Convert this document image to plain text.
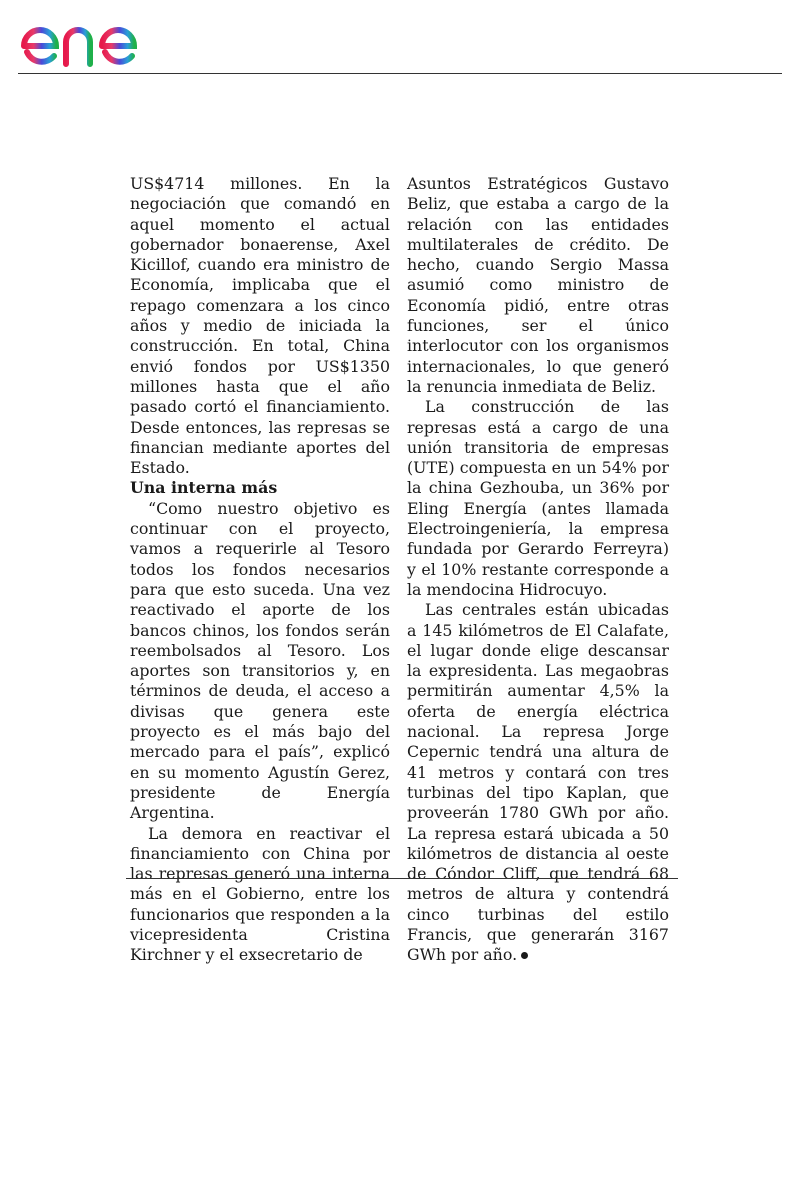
US$4714 millones. En la negociación que comandó en aquel momento el actual gobernador bonaerense, Axel Kicillof, cuando era ministro de Economía, implicaba que el repago comenzara a los cinco años y medio de iniciada la construcción. En total, China envió fondos por US$1350 millones hasta que el año pasado cortó el financiamiento. Desde entonces, las represas se financian mediante aportes del Estado.

Una interna más

“Como nuestro objetivo es continuar con el proyecto, vamos a requerirle al Tesoro todos los fondos necesarios para que esto suceda. Una vez reactivado el aporte de los bancos chinos, los fondos serán reembolsados al Tesoro. Los aportes son transitorios y, en términos de deuda, el acceso a divisas que genera este proyecto es el más bajo del mercado para el país”, explicó en su momento Agustín Gerez, presidente de Energía Argentina.

La demora en reactivar el financiamiento con China por las represas generó una interna más en el Gobierno, entre los funcionarios que responden a la vicepresidenta Cristina Kirchner y el exsecretario de

Asuntos Estratégicos Gustavo Beliz, que estaba a cargo de la relación con las entidades multilaterales de crédito. De hecho, cuando Sergio Massa asumió como ministro de Economía pidió, entre otras funciones, ser el único interlocutor con los organismos internacionales, lo que generó la renuncia inmediata de Beliz.

La construcción de las represas está a cargo de una unión transitoria de empresas (UTE) compuesta en un 54% por la china Gezhouba, un 36% por Eling Energía (antes llamada Electroingeniería, la empresa fundada por Gerardo Ferreyra) y el 10% restante corresponde a la mendocina Hidrocuyo.

Las centrales están ubicadas a 145 kilómetros de El Calafate, el lugar donde elige descansar la expresidenta. Las megaobras permitirán aumentar 4,5% la oferta de energía eléctrica nacional. La represa Jorge Cepernic tendrá una altura de 41 metros y contará con tres turbinas del tipo Kaplan, que proveerán 1780 GWh por año. La represa estará ubicada a 50 kilómetros de distancia al oeste de Cóndor Cliff, que tendrá 68 metros de altura y contendrá cinco turbinas del estilo Francis, que generarán 3167 GWh por año.
